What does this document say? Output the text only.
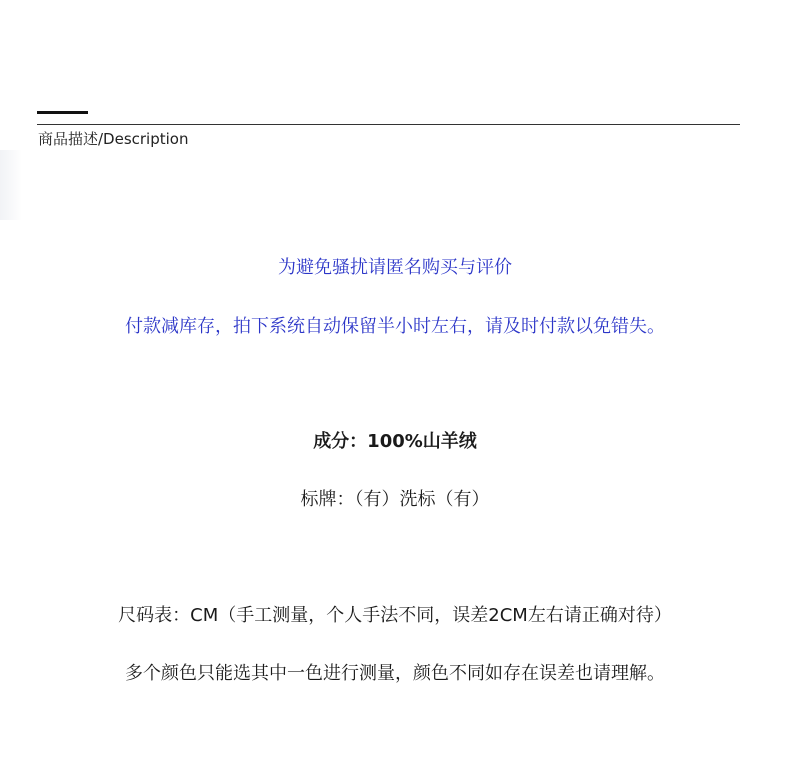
商品描述/Description
为避免骚扰请匿名购买与评价
付款减库存，拍下系统自动保留半小时左右，请及时付款以免错失。
成分：100%山羊绒
标牌：（有）洗标（有）
尺码表：CM（手工测量，个人手法不同，误差2CM左右请正确对待）
多个颜色只能选其中一色进行测量，颜色不同如存在误差也请理解。
